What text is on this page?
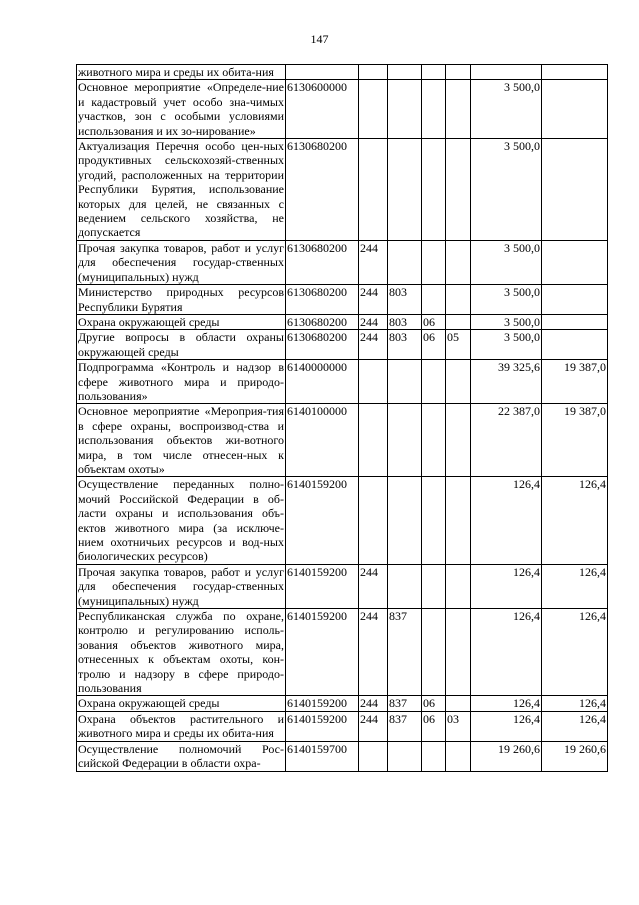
147
животного мира и среды их обита-ния							
Основное мероприятие «Определе-ние и кадастровый учет особо зна-чимых участков, зон с особыми условиями использования и их зо-нирование»	6130600000					3 500,0	
Актуализация Перечня особо цен-ных продуктивных сельскохозяй-ственных угодий, расположенных на территории Республики Бурятия, использование которых для целей, не связанных с ведением сельского хозяйства, не допускается	6130680200					3 500,0	
Прочая закупка товаров, работ и услуг для обеспечения государ-ственных (муниципальных) нужд	6130680200	244				3 500,0	
Министерство природных ресурсов Республики Бурятия	6130680200	244	803			3 500,0	
Охрана окружающей среды	6130680200	244	803	06		3 500,0	
Другие вопросы в области охраны окружающей среды	6130680200	244	803	06	05	3 500,0	
Подпрограмма «Контроль и надзор в сфере животного мира и природо-пользования»	6140000000					39 325,6	19 387,0
Основное мероприятие «Мероприя-тия в сфере охраны, воспроизвод-ства и использования объектов жи-вотного мира, в том числе отнесен-ных к объектам охоты»	6140100000					22 387,0	19 387,0
Осуществление переданных полно-мочий Российской Федерации в об-ласти охраны и использования объ-ектов животного мира (за исключе-нием охотничьих ресурсов и вод-ных биологических ресурсов)	6140159200					126,4	126,4
Прочая закупка товаров, работ и услуг для обеспечения государ-ственных (муниципальных) нужд	6140159200	244				126,4	126,4
Республиканская служба по охране, контролю и регулированию исполь-зования объектов животного мира, отнесенных к объектам охоты, кон-тролю и надзору в сфере природо-пользования	6140159200	244	837			126,4	126,4
Охрана окружающей среды	6140159200	244	837	06		126,4	126,4
Охрана объектов растительного и животного мира и среды их обита-ния	6140159200	244	837	06	03	126,4	126,4
Осуществление полномочий Рос-сийской Федерации в области охра-	6140159700					19 260,6	19 260,6
